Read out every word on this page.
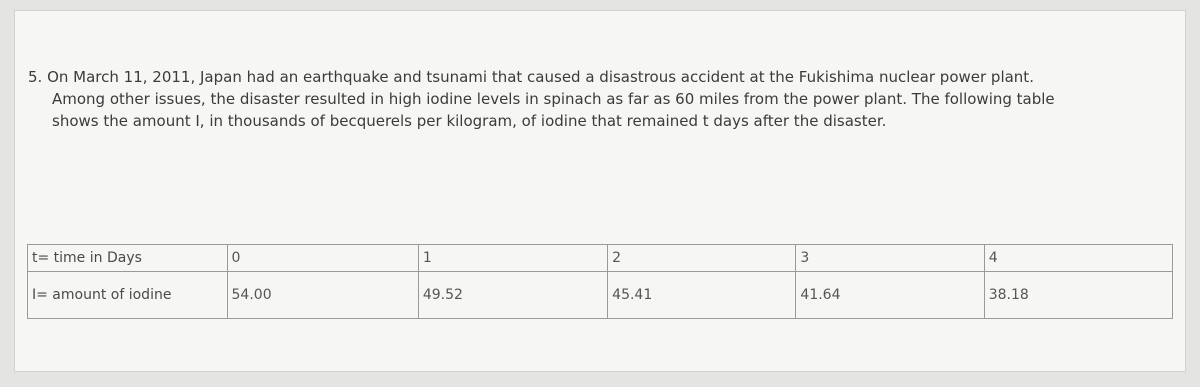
5. On March 11, 2011, Japan had an earthquake and tsunami that caused a disastrous accident at the Fukishima nuclear power plant.

Among other issues, the disaster resulted in high iodine levels in spinach as far as 60 miles from the power plant. The following table

shows the amount I, in thousands of becquerels per kilogram, of iodine that remained t days after the disaster.

t= time in Days	0	1	2	3	4
I= amount of iodine	54.00	49.52	45.41	41.64	38.18
